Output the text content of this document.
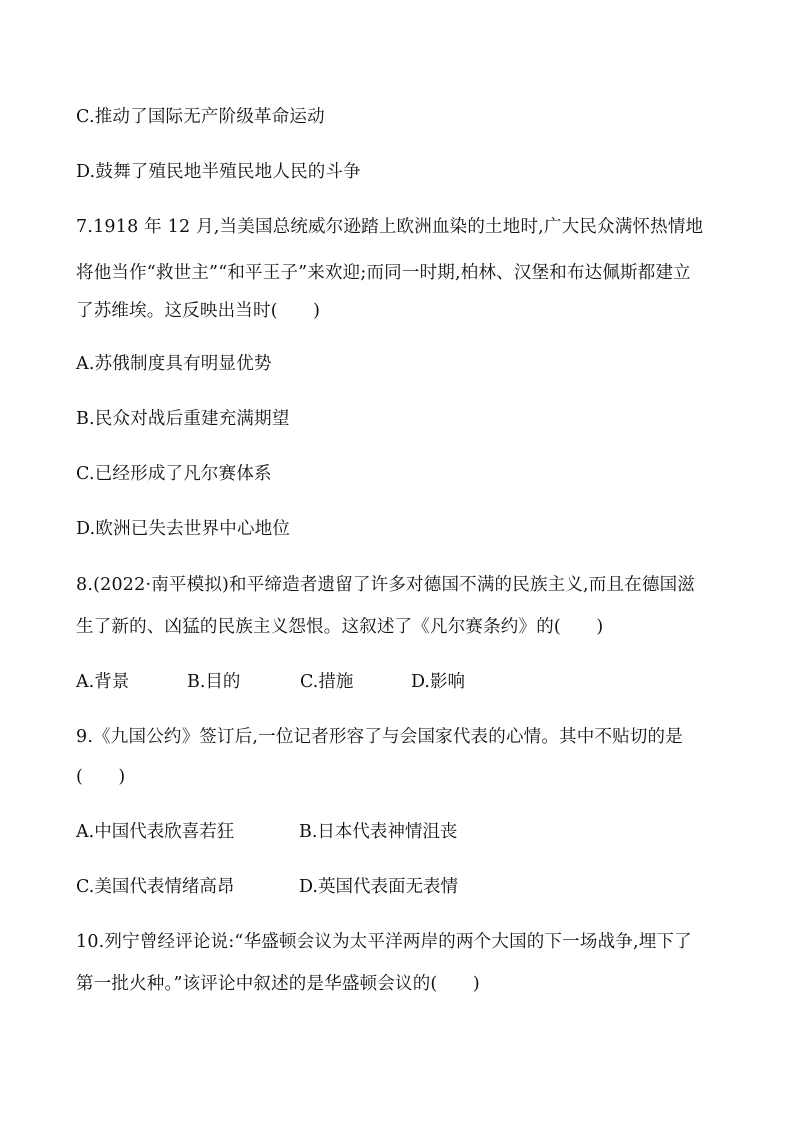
C.推动了国际无产阶级革命运动
D.鼓舞了殖民地半殖民地人民的斗争
7.1918 年 12 月,当美国总统威尔逊踏上欧洲血染的土地时,广大民众满怀热情地
将他当作“救世主”“和平王子”来欢迎;而同一时期,柏林、汉堡和布达佩斯都建立
了苏维埃。这反映出当时(　　)
A.苏俄制度具有明显优势
B.民众对战后重建充满期望
C.已经形成了凡尔赛体系
D.欧洲已失去世界中心地位
8.(2022·南平模拟)和平缔造者遗留了许多对德国不满的民族主义,而且在德国滋
生了新的、凶猛的民族主义怨恨。这叙述了《凡尔赛条约》的(　　)
A.背景	B.目的	C.措施	D.影响
9.《九国公约》签订后,一位记者形容了与会国家代表的心情。其中不贴切的是
(　　)
A.中国代表欣喜若狂	B.日本代表神情沮丧
C.美国代表情绪高昂	D.英国代表面无表情
10.列宁曾经评论说:“华盛顿会议为太平洋两岸的两个大国的下一场战争,埋下了
第一批火种。”该评论中叙述的是华盛顿会议的(　　)
